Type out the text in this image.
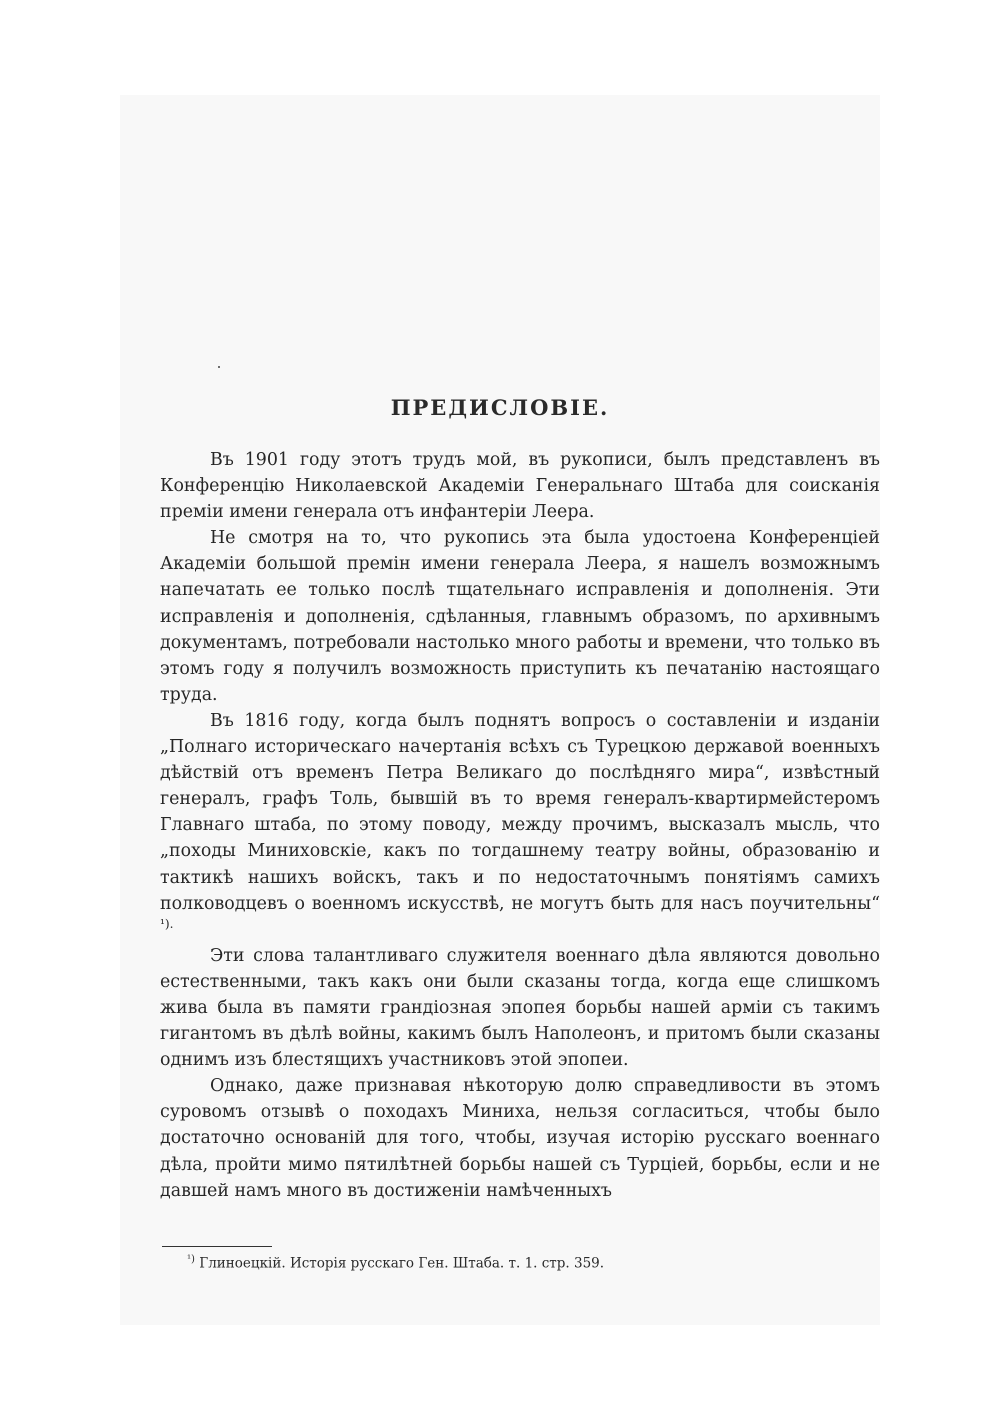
ПРЕДИСЛОВІЕ.

Въ 1901 году этотъ трудъ мой, въ рукописи, былъ представленъ въ Конференцію Николаевской Академіи Генеральнаго Штаба для соисканія преміи имени генерала отъ инфантеріи Леера.

Не смотря на то, что рукопись эта была удостоена Конференціей Академіи большой премін имени генерала Леера, я нашелъ возможнымъ напечатать ее только послѣ тщательнаго исправленія и дополненія. Эти исправленія и дополненія, сдѣланныя, главнымъ образомъ, по архивнымъ документамъ, потребовали настолько много работы и времени, что только въ этомъ году я получилъ возможность приступить къ печатанію настоящаго труда.

Въ 1816 году, когда былъ поднятъ вопросъ о составленіи и изданіи „Полнаго историческаго начертанія всѣхъ съ Турецкою державой военныхъ дѣйствій отъ временъ Петра Великаго до послѣдняго мира“, извѣстный генералъ, графъ Толь, бывшій въ то время генералъ-квартирмейстеромъ Главнаго штаба, по этому поводу, между прочимъ, высказалъ мысль, что „походы Миниховскіе, какъ по тогдашнему театру войны, образованію и тактикѣ нашихъ войскъ, такъ и по недостаточнымъ понятіямъ самихъ полководцевъ о военномъ искусствѣ, не могутъ быть для насъ поучительны“ $^{^1).}$

Эти слова талантливаго служителя военнаго дѣла являются довольно естественными, такъ какъ они были сказаны тогда, когда еще слишкомъ жива была въ памяти грандіозная эпопея борьбы нашей арміи съ такимъ гигантомъ въ дѣлѣ войны, какимъ былъ Наполеонъ, и притомъ были сказаны однимъ изъ блестящихъ участниковъ этой эпопеи.

Однако, даже признавая нѣкоторую долю справедливости въ этомъ суровомъ отзывѣ о походахъ Миниха, нельзя согласиться, чтобы было достаточно основаній для того, чтобы, изучая исторію русскаго военнаго дѣла, пройти мимо пятилѣтней борьбы нашей съ Турціей, борьбы, если и не давшей намъ много въ достиженіи намѣченныхъ

$^{^1)}$ Глиноецкій. Исторія русскаго Ген. Штаба. т. 1. стр. 359.
